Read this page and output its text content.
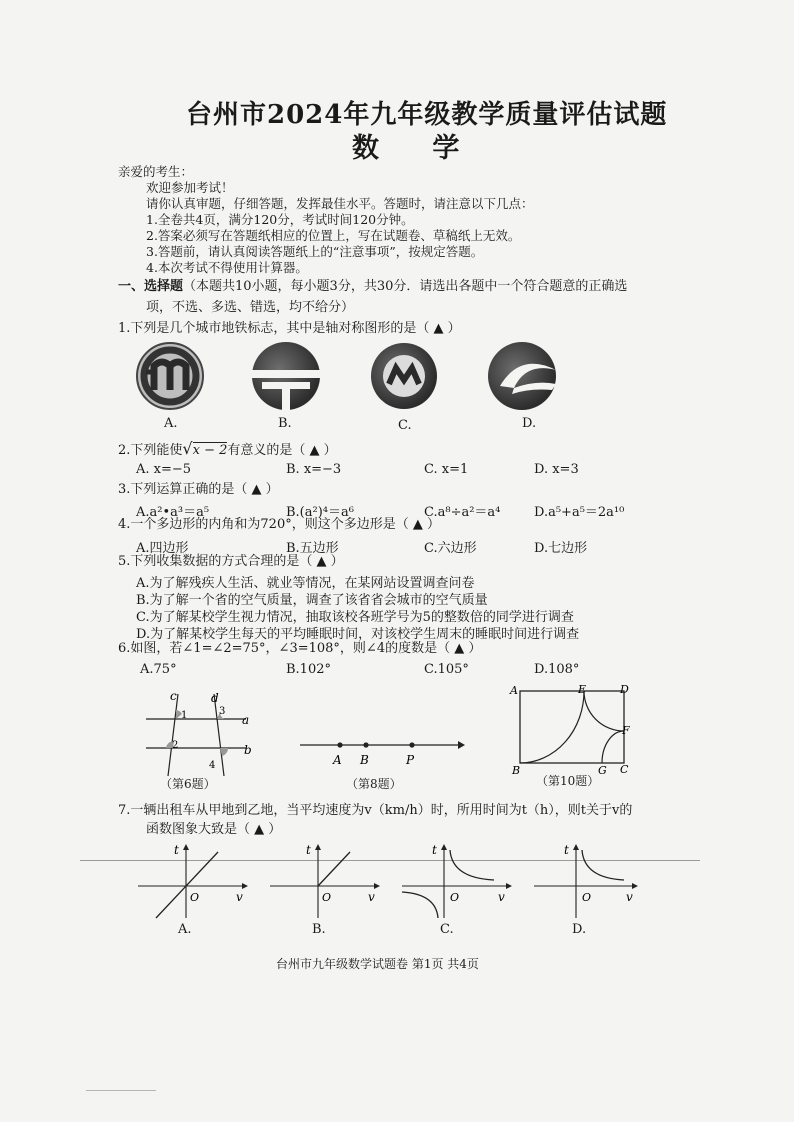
台州市2024年九年级教学质量评估试题
数 学
亲爱的考生：
欢迎参加考试！
请你认真审题，仔细答题，发挥最佳水平。答题时，请注意以下几点：
1.全卷共4页，满分120分，考试时间120分钟。
2.答案必须写在答题纸相应的位置上，写在试题卷、草稿纸上无效。
3.答题前，请认真阅读答题纸上的“注意事项”，按规定答题。
4.本次考试不得使用计算器。
一、选择题（本题共10小题，每小题3分，共30分．请选出各题中一个符合题意的正确选
项，不选、多选、错选，均不给分）
1.下列是几个城市地铁标志，其中是轴对称图形的是（ ▲ ）
A.	B.	C.	D.
2.下列能使√x − 2有意义的是（ ▲ ）
A. x=−5	B. x=−3	C. x=1	D. x=3
3.下列运算正确的是（ ▲ ）
A.a²•a³＝a⁵	B.(a²)⁴＝a⁶	C.a⁸÷a²＝a⁴	D.a⁵+a⁵＝2a¹⁰
4.一个多边形的内角和为720°，则这个多边形是（ ▲ ）
A.四边形	B.五边形	C.六边形	D.七边形
5.下列收集数据的方式合理的是（ ▲ ）
A.为了解残疾人生活、就业等情况，在某网站设置调查问卷
B.为了解一个省的空气质量，调查了该省省会城市的空气质量
C.为了解某校学生视力情况，抽取该校各班学号为5的整数倍的同学进行调查
D.为了解某校学生每天的平均睡眠时间，对该校学生周末的睡眠时间进行调查
6.如图，若∠1=∠2=75°，∠3=108°，则∠4的度数是（ ▲ ）
A.75°	B.102°	C.105°	D.108°
c	d
1	3
a
2	b
4
（第6题）
A B	P
（第8题）
A	E	D
F
B	G C
（第10题）
7.一辆出租车从甲地到乙地，当平均速度为v（km/h）时，所用时间为t（h），则t关于v的
函数图象大致是（ ▲ ）
t
O	v
t
O	v
t
O	v
t
O	v
A.	B.	C.	D.
台州市九年级数学试题卷 第1页 共4页
